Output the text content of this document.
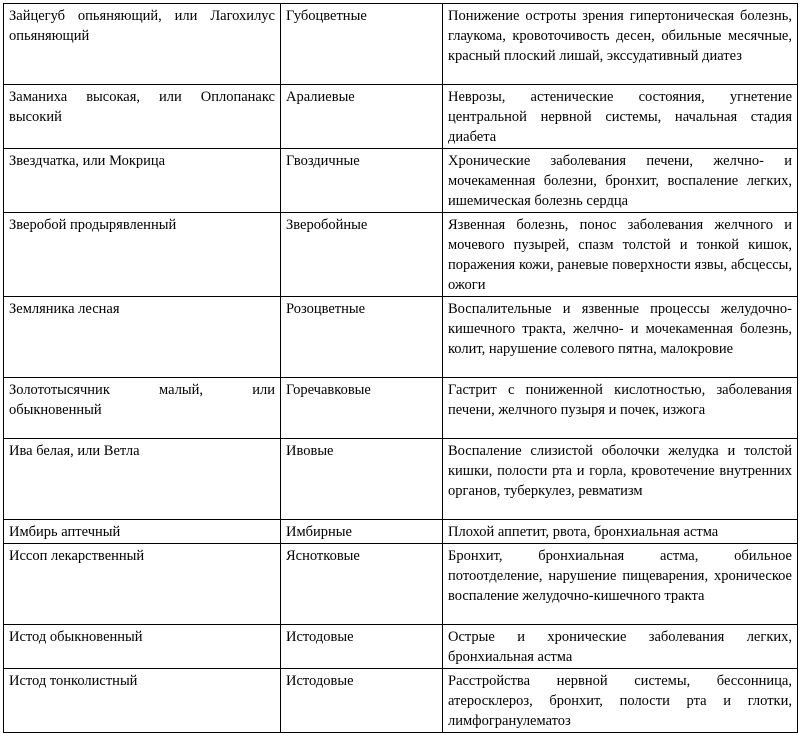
Зайцегуб опьяняющий, или Лагохилус опьяняющий	Губоцветные	Понижение остроты зрения гипертоническая болезнь, глаукома, кровоточивость десен, обильные месячные, красный плоский лишай, экссудативный диатез
Заманиха высокая, или Оплопанакс высокий	Аралиевые	Неврозы, астенические состояния, угнетение центральной нервной системы, начальная стадия диабета
Звездчатка, или Мокрица	Гвоздичные	Хронические заболевания печени, желчно- и мочекаменная болезни, бронхит, воспаление легких, ишемическая болезнь сердца
Зверобой продырявленный	Зверобойные	Язвенная болезнь, понос заболевания желчного и мочевого пузырей, спазм толстой и тонкой кишок, поражения кожи, раневые поверхности язвы, абсцессы, ожоги
Земляника лесная	Розоцветные	Воспалительные и язвенные процессы желудочно-кишечного тракта, желчно- и мочекаменная болезнь, колит, нарушение солевого пятна, малокровие
Золототысячник малый, или обыкновенный	Горечавковые	Гастрит с пониженной кислотностью, заболевания печени, желчного пузыря и почек, изжога
Ива белая, или Ветла	Ивовые	Воспаление слизистой оболочки желудка и толстой кишки, полости рта и горла, кровотечение внутренних органов, туберкулез, ревматизм
Имбирь аптечный	Имбирные	Плохой аппетит, рвота, бронхиальная астма
Иссоп лекарственный	Яснотковые	Бронхит, бронхиальная астма, обильное потоотделение, нарушение пищеварения, хроническое воспаление желудочно-кишечного тракта
Истод обыкновенный	Истодовые	Острые и хронические заболевания легких, бронхиальная астма
Истод тонколистный	Истодовые	Расстройства нервной системы, бессонница, атеросклероз, бронхит, полости рта и глотки, лимфогранулематоз
